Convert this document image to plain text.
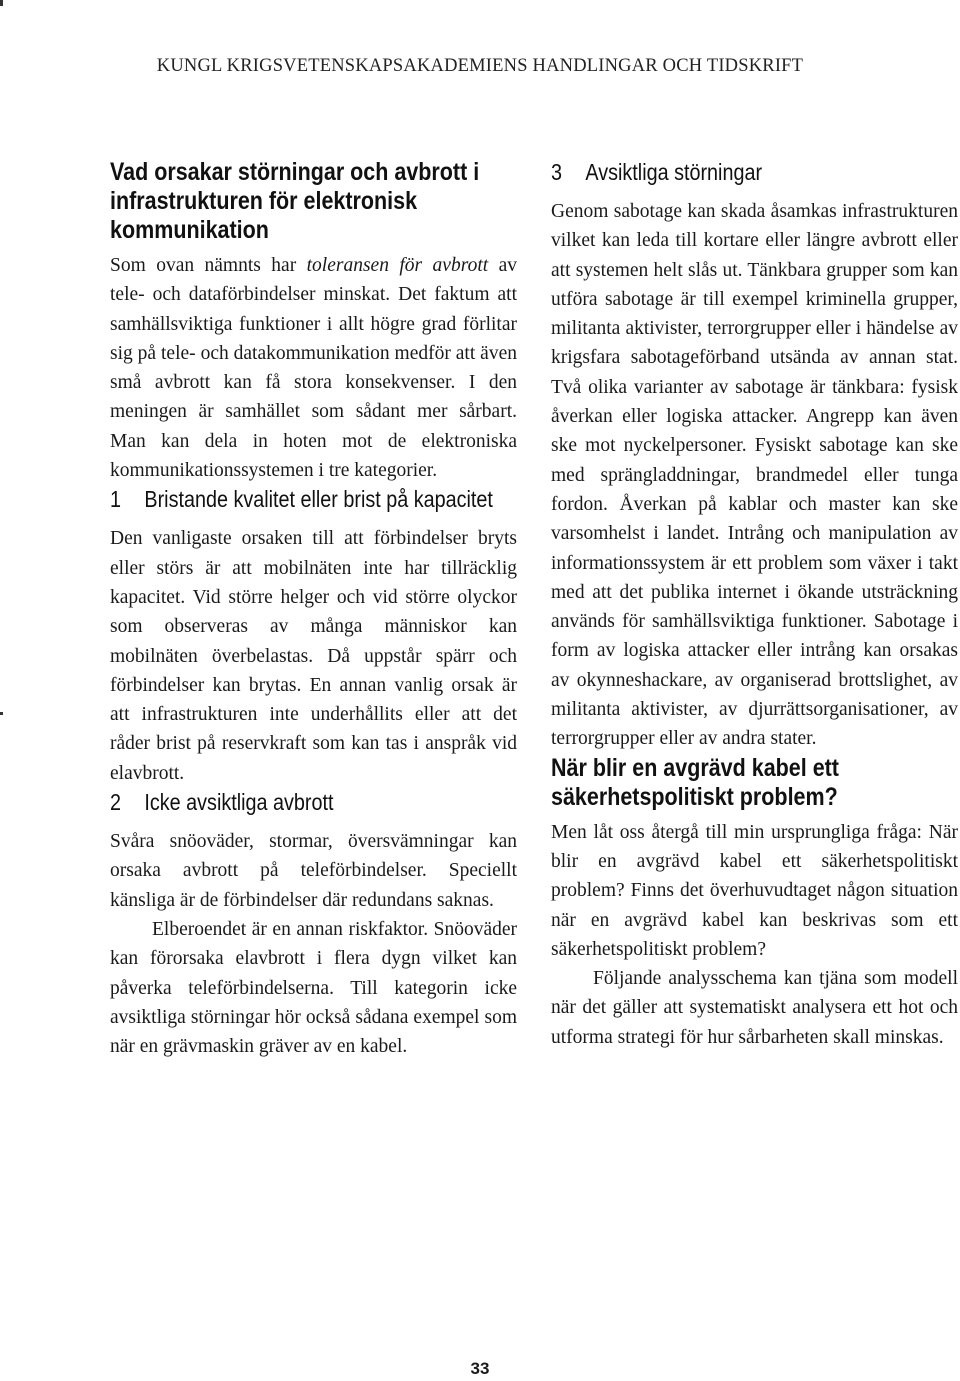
KUNGL KRIGSVETENSKAPSAKADEMIENS HANDLINGAR OCH TIDSKRIFT
Vad orsakar störningar och avbrott i infrastrukturen för elektronisk kommunikation

Som ovan nämnts har toleransen för avbrott av tele- och dataförbindelser minskat. Det faktum att samhällsviktiga funktioner i allt högre grad förlitar sig på tele- och datakommunikation medför att även små avbrott kan få stora konsekvenser. I den meningen är samhället som sådant mer sårbart. Man kan dela in hoten mot de elektroniska kommunikationssystemen i tre kategorier.

1	Bristande kvalitet eller brist på kapacitet

Den vanligaste orsaken till att förbindelser bryts eller störs är att mobilnäten inte har tillräcklig kapacitet. Vid större helger och vid större olyckor som observeras av många människor kan mobilnäten överbelastas. Då uppstår spärr och förbindelser kan brytas. En annan vanlig orsak är att infrastrukturen inte underhållits eller att det råder brist på reservkraft som kan tas i anspråk vid elavbrott.

2	Icke avsiktliga avbrott

Svåra snöoväder, stormar, översvämningar kan orsaka avbrott på teleförbindelser. Speciellt känsliga är de förbindelser där redundans saknas.

Elberoendet är en annan riskfaktor. Snöoväder kan förorsaka elavbrott i flera dygn vilket kan påverka teleförbindelserna. Till kategorin icke avsiktliga störningar hör också sådana exempel som när en grävmaskin gräver av en kabel.

3	Avsiktliga störningar

Genom sabotage kan skada åsamkas infrastrukturen vilket kan leda till kortare eller längre avbrott eller att systemen helt slås ut. Tänkbara grupper som kan utföra sabotage är till exempel kriminella grupper, militanta aktivister, terrorgrupper eller i händelse av krigsfara sabotageförband utsända av annan stat. Två olika varianter av sabotage är tänkbara: fysisk åverkan eller logiska attacker. Angrepp kan även ske mot nyckelpersoner. Fysiskt sabotage kan ske med sprängladdningar, brandmedel eller tunga fordon. Åverkan på kablar och master kan ske varsomhelst i landet. Intrång och manipulation av informationssystem är ett problem som växer i takt med att det publika internet i ökande utsträckning används för samhällsviktiga funktioner. Sabotage i form av logiska attacker eller intrång kan orsakas av okynneshackare, av organiserad brottslighet, av militanta aktivister, av djurrättsorganisationer, av terrorgrupper eller av andra stater.

När blir en avgrävd kabel ett säkerhetspolitiskt problem?

Men låt oss återgå till min ursprungliga fråga: När blir en avgrävd kabel ett säkerhetspolitiskt problem? Finns det överhuvudtaget någon situation när en avgrävd kabel kan beskrivas som ett säkerhetspolitiskt problem?

Följande analysschema kan tjäna som modell när det gäller att systematiskt analysera ett hot och utforma strategi för hur sårbarheten skall minskas.

33
